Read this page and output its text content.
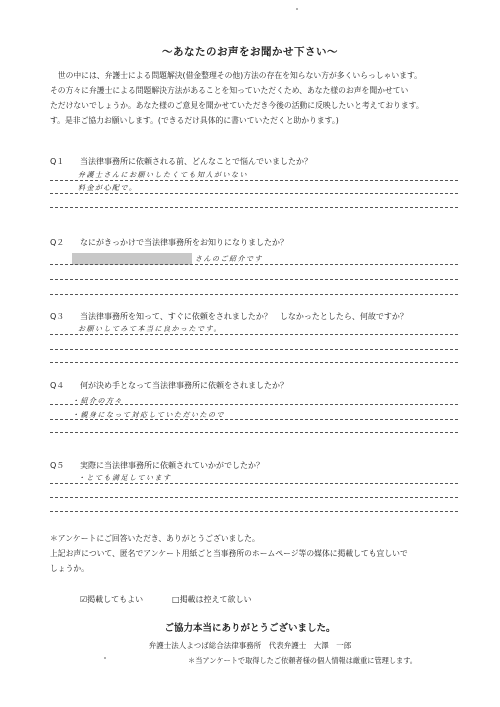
〜あなたのお声をお聞かせ下さい〜
　世の中には、弁護士による問題解決(借金整理その他)方法の存在を知らない方が多くいらっしゃいます。
その方々に弁護士による問題解決方法があることを知っていただくため、あなた様のお声を聞かせてい
ただけないでしょうか。あなた様のご意見を聞かせていただき今後の活動に反映したいと考えております。
す。是非ご協力お願いします。(できるだけ具体的に書いていただくと助かります。)
Q１ 当法律事務所に依頼される前、どんなことで悩んでいましたか？
弁護士さんにお願いしたくても知人がいない
料金が心配で。
Q２ なにがきっかけで当法律事務所をお知りになりましたか？
さんのご紹介です
Q３ 当法律事務所を知って、すぐに依頼をされましたか？　しなかったとしたら、何故ですか？
お願いしてみて本当に良かったです。
Q４ 何が決め手となって当法律事務所に依頼をされましたか？
・紹介の方々
・親身になって対応していただいたので
Q５ 実際に当法律事務所に依頼されていかがでしたか？
・とても満足しています
＊アンケートにご回答いただき、ありがとうございました。
上記お声について、匿名でアンケート用紙ごと当事務所のホームページ等の媒体に掲載しても宜しいで
しょうか。
☑掲載してもよい	□掲載は控えて欲しい
ご協力本当にありがとうございました。
弁護士法人よつば総合法律事務所　代表弁護士　大澤　一郎
＊当アンケートで取得したご依頼者様の個人情報は厳重に管理します。
